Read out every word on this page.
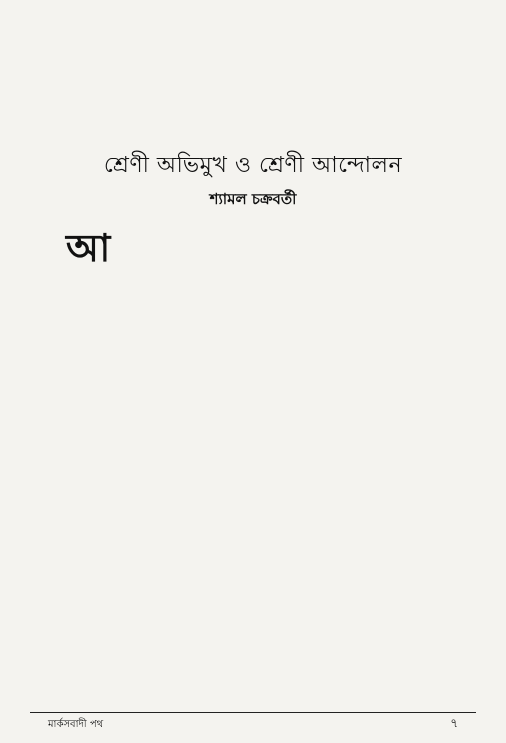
শ্রেণী অভিমুখ ও শ্রেণী আন্দোলন
শ্যামল চক্রবর্তী

আ

মার্কসবাদী পথ	৭
